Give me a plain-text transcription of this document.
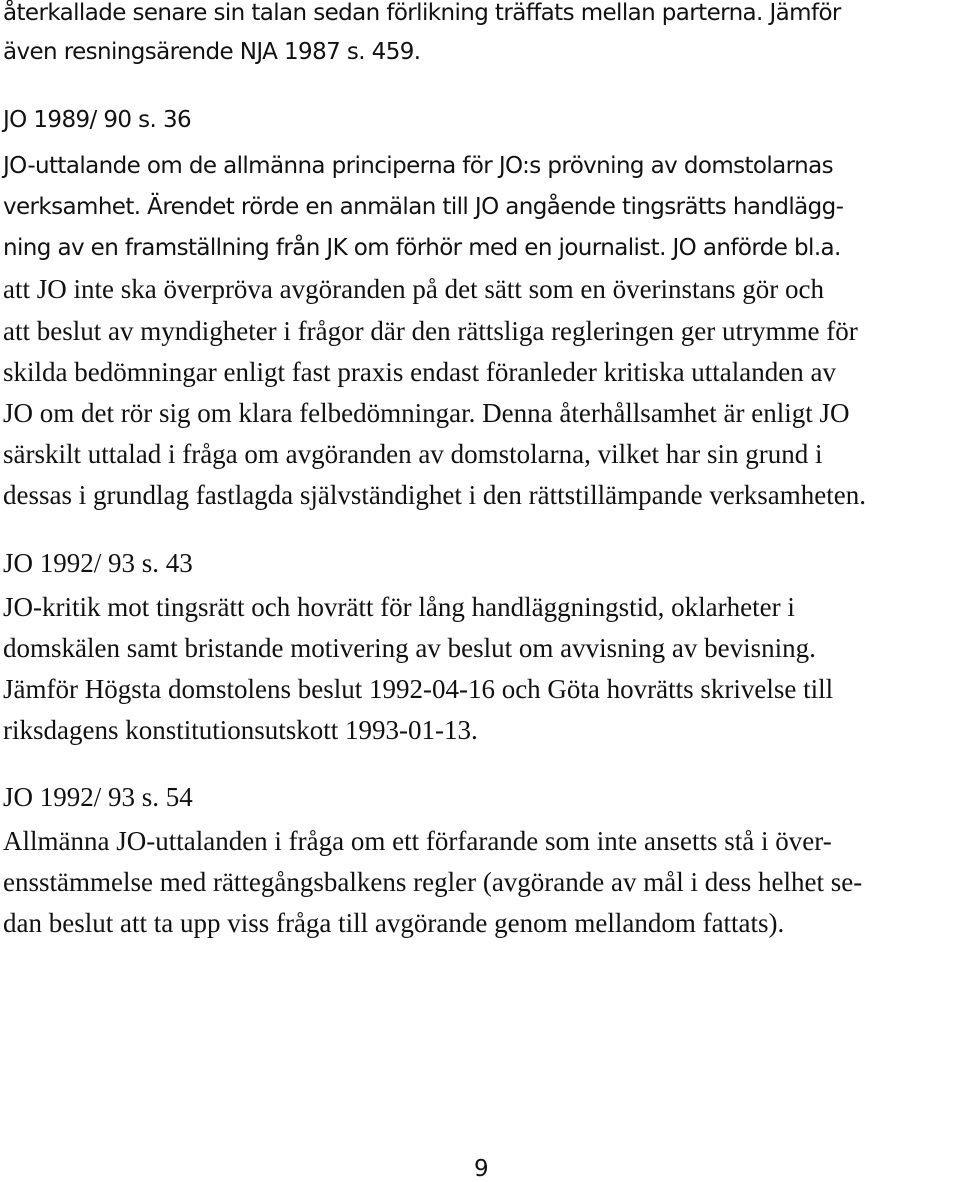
återkallade senare sin talan sedan förlikning träffats mellan parterna. Jämför
även resningsärende NJA 1987 s. 459.
JO 1989/ 90 s. 36
JO-uttalande om de allmänna principerna för JO:s prövning av domstolarnas
verksamhet. Ärendet rörde en anmälan till JO angående tingsrätts handlägg-
ning av en framställning från JK om förhör med en journalist. JO anförde bl.a.
att JO inte ska överpröva avgöranden på det sätt som en överinstans gör och
att beslut av myndigheter i frågor där den rättsliga regleringen ger utrymme för
skilda bedömningar enligt fast praxis endast föranleder kritiska uttalanden av
JO om det rör sig om klara felbedömningar. Denna återhållsamhet är enligt JO
särskilt uttalad i fråga om avgöranden av domstolarna, vilket har sin grund i
dessas i grundlag fastlagda självständighet i den rättstillämpande verksamheten.
JO 1992/ 93 s. 43
JO-kritik mot tingsrätt och hovrätt för lång handläggningstid, oklarheter i
domskälen samt bristande motivering av beslut om avvisning av bevisning.
Jämför Högsta domstolens beslut 1992-04-16 och Göta hovrätts skrivelse till
riksdagens konstitutionsutskott 1993-01-13.
JO 1992/ 93 s. 54
Allmänna JO-uttalanden i fråga om ett förfarande som inte ansetts stå i över-
ensstämmelse med rättegångsbalkens regler (avgörande av mål i dess helhet se-
dan beslut att ta upp viss fråga till avgörande genom mellandom fattats).
9
